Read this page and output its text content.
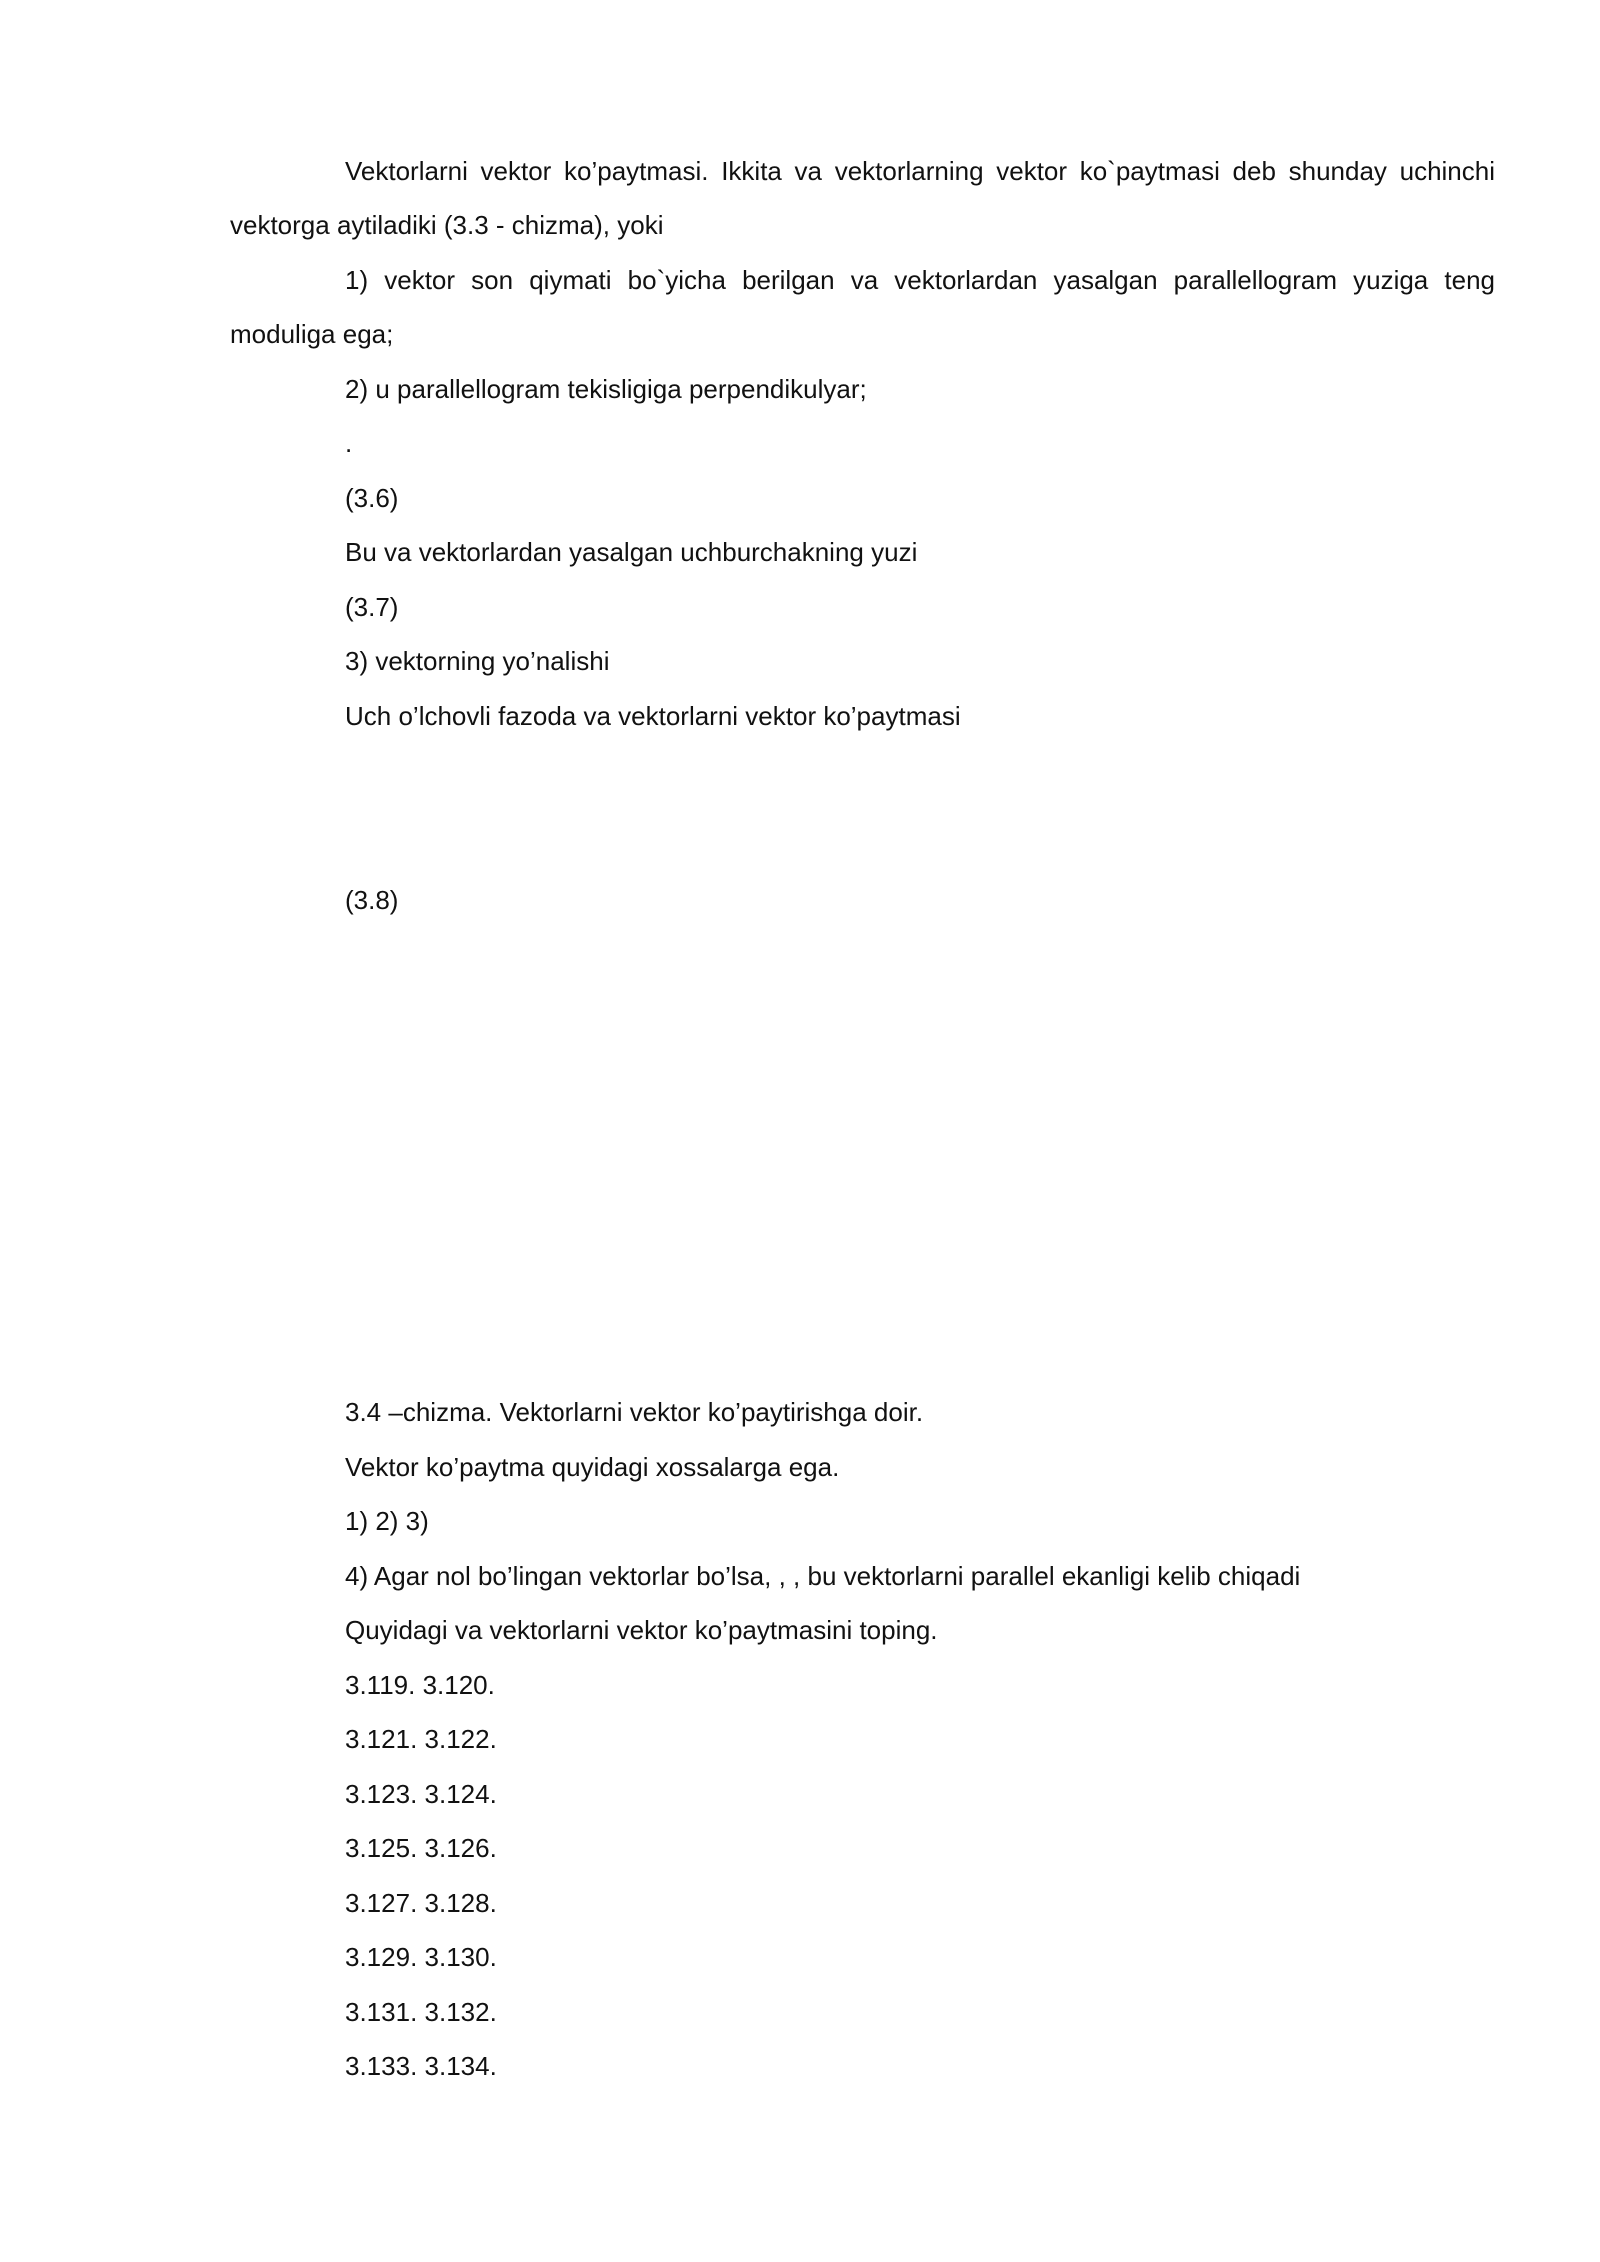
Vektorlarni vektor ko’paytmasi. Ikkita va vektorlarning vektor ko`paytmasi deb shunday uchinchi
vektorga aytiladiki (3.3 - chizma), yoki
1) vektor son qiymati bo`yicha berilgan va vektorlardan yasalgan parallellogram yuziga teng
moduliga ega;
2) u parallellogram tekisligiga perpendikulyar;
.
(3.6)
Bu va vektorlardan yasalgan uchburchakning yuzi
(3.7)
3) vektorning yo’nalishi
Uch o’lchovli fazoda va vektorlarni vektor ko’paytmasi
(3.8)
3.4 –chizma. Vektorlarni vektor ko’paytirishga doir.
Vektor ko’paytma quyidagi xossalarga ega.
1) 2) 3)
4) Agar nol bo’lingan vektorlar bo’lsa, , , bu vektorlarni parallel ekanligi kelib chiqadi
Quyidagi va vektorlarni vektor ko’paytmasini toping.
3.119. 3.120.
3.121. 3.122.
3.123. 3.124.
3.125. 3.126.
3.127. 3.128.
3.129. 3.130.
3.131. 3.132.
3.133. 3.134.
